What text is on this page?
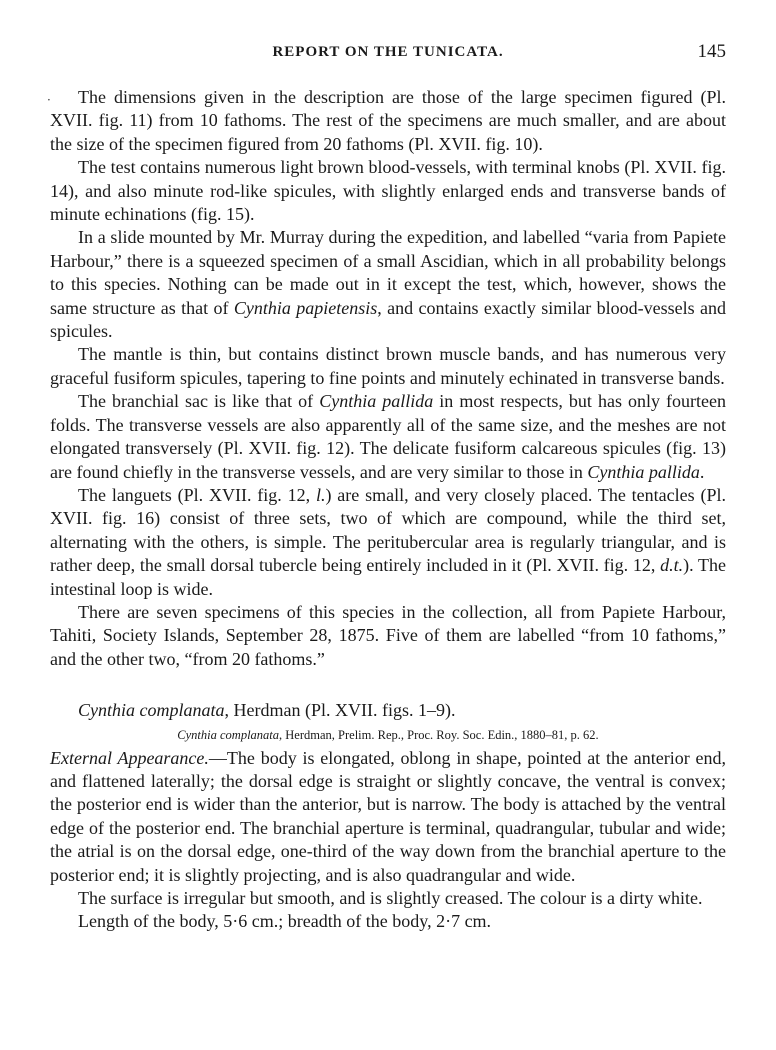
REPORT ON THE TUNICATA.	145
·	The dimensions given in the description are those of the large specimen figured (Pl. XVII. fig. 11) from 10 fathoms. The rest of the specimens are much smaller, and are about the size of the specimen figured from 20 fathoms (Pl. XVII. fig. 10).

The test contains numerous light brown blood-vessels, with terminal knobs (Pl. XVII. fig. 14), and also minute rod-like spicules, with slightly enlarged ends and transverse bands of minute echinations (fig. 15).

In a slide mounted by Mr. Murray during the expedition, and labelled “varia from Papiete Harbour,” there is a squeezed specimen of a small Ascidian, which in all probability belongs to this species. Nothing can be made out in it except the test, which, however, shows the same structure as that of Cynthia papietensis, and contains exactly similar blood-vessels and spicules.

The mantle is thin, but contains distinct brown muscle bands, and has numerous very graceful fusiform spicules, tapering to fine points and minutely echinated in transverse bands.

The branchial sac is like that of Cynthia pallida in most respects, but has only fourteen folds. The transverse vessels are also apparently all of the same size, and the meshes are not elongated transversely (Pl. XVII. fig. 12). The delicate fusiform calcareous spicules (fig. 13) are found chiefly in the transverse vessels, and are very similar to those in Cynthia pallida.

The languets (Pl. XVII. fig. 12, l.) are small, and very closely placed. The tentacles (Pl. XVII. fig. 16) consist of three sets, two of which are compound, while the third set, alternating with the others, is simple. The peritubercular area is regularly triangular, and is rather deep, the small dorsal tubercle being entirely included in it (Pl. XVII. fig. 12, d.t.). The intestinal loop is wide.

There are seven specimens of this species in the collection, all from Papiete Harbour, Tahiti, Society Islands, September 28, 1875. Five of them are labelled “from 10 fathoms,” and the other two, “from 20 fathoms.”

Cynthia complanata, Herdman (Pl. XVII. figs. 1–9).

Cynthia complanata, Herdman, Prelim. Rep., Proc. Roy. Soc. Edin., 1880–81, p. 62.

External Appearance.—The body is elongated, oblong in shape, pointed at the anterior end, and flattened laterally; the dorsal edge is straight or slightly concave, the ventral is convex; the posterior end is wider than the anterior, but is narrow. The body is attached by the ventral edge of the posterior end. The branchial aperture is terminal, quadrangular, tubular and wide; the atrial is on the dorsal edge, one-third of the way down from the branchial aperture to the posterior end; it is slightly projecting, and is also quadrangular and wide.

The surface is irregular but smooth, and is slightly creased. The colour is a dirty white.

Length of the body, 5·6 cm.; breadth of the body, 2·7 cm.
